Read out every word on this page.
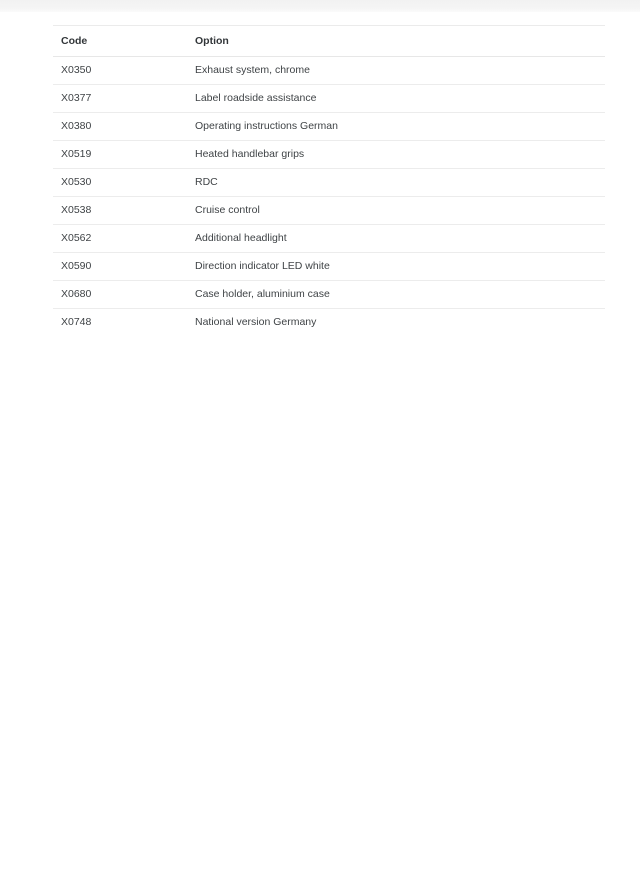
Code	Option
X0350	Exhaust system, chrome
X0377	Label roadside assistance
X0380	Operating instructions German
X0519	Heated handlebar grips
X0530	RDC
X0538	Cruise control
X0562	Additional headlight
X0590	Direction indicator LED white
X0680	Case holder, aluminium case
X0748	National version Germany
